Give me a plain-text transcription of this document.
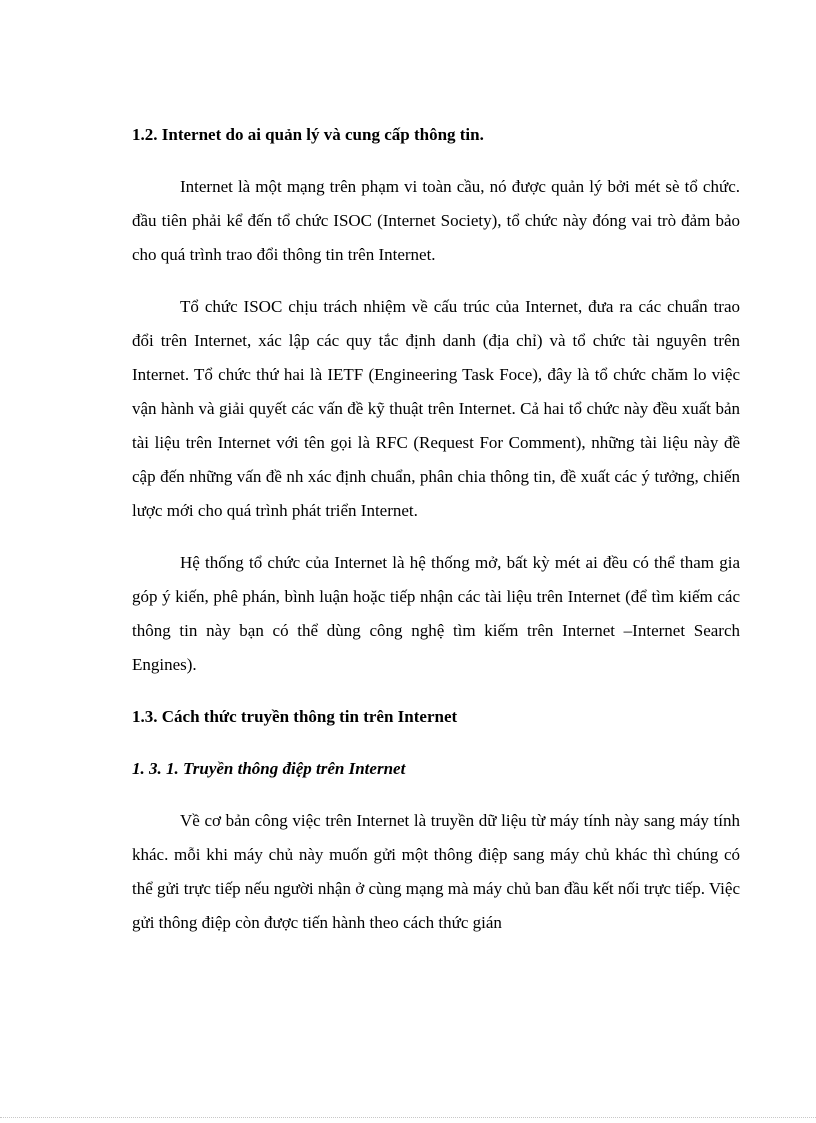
1.2. Internet do ai quản lý và cung cấp thông tin.

Internet là một mạng trên phạm vi toàn cầu, nó được quản lý bởi mét sè tổ chức. đầu tiên phải kể đến tổ chức ISOC (Internet Society), tổ chức này đóng vai trò đảm bảo cho quá trình trao đổi thông tin trên Internet.

Tổ chức ISOC chịu trách nhiệm về cấu trúc của Internet, đưa ra các chuẩn trao đổi trên Internet, xác lập các quy tắc định danh (địa chỉ) và tổ chức tài nguyên trên Internet. Tổ chức thứ hai là IETF (Engineering Task Foce), đây là tổ chức chăm lo việc vận hành và giải quyết các vấn đề kỹ thuật trên Internet. Cả hai tổ chức này đều xuất bản tài liệu trên Internet với tên gọi là RFC (Request For Comment), những tài liệu này đề cập đến những vấn đề nh xác định chuẩn, phân chia thông tin, đề xuất các ý tưởng, chiến lược mới cho quá trình phát triển Internet.

Hệ thống tổ chức của Internet là hệ thống mở, bất kỳ mét ai đều có thể tham gia góp ý kiến, phê phán, bình luận hoặc tiếp nhận các tài liệu trên Internet (để tìm kiếm các thông tin này bạn có thể dùng công nghệ tìm kiếm trên Internet –Internet Search Engines).

1.3. Cách thức truyền thông tin trên Internet
1. 3. 1. Truyền thông điệp trên Internet

Về cơ bản công việc trên Internet là truyền dữ liệu từ máy tính này sang máy tính khác. mỗi khi máy chủ này muốn gửi một thông điệp sang máy chủ khác thì chúng có thể gửi trực tiếp nếu người nhận ở cùng mạng mà máy chủ ban đầu kết nối trực tiếp. Việc gửi thông điệp còn được tiến hành theo cách thức gián
